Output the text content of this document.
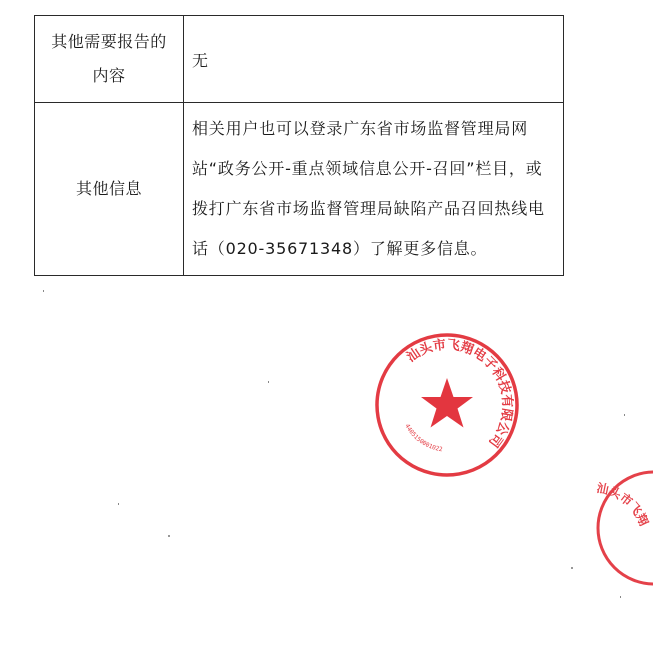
其他需要报告的
内容	无
其他信息	相关用户也可以登录广东省市场监督管理局网站“政务公开-重点领域信息公开-召回”栏目，或拨打广东省市场监督管理局缺陷产品召回热线电话（020-35671348）了解更多信息。
汕头市飞翔电子科技有限公司
4405150001022
汕头市飞翔
